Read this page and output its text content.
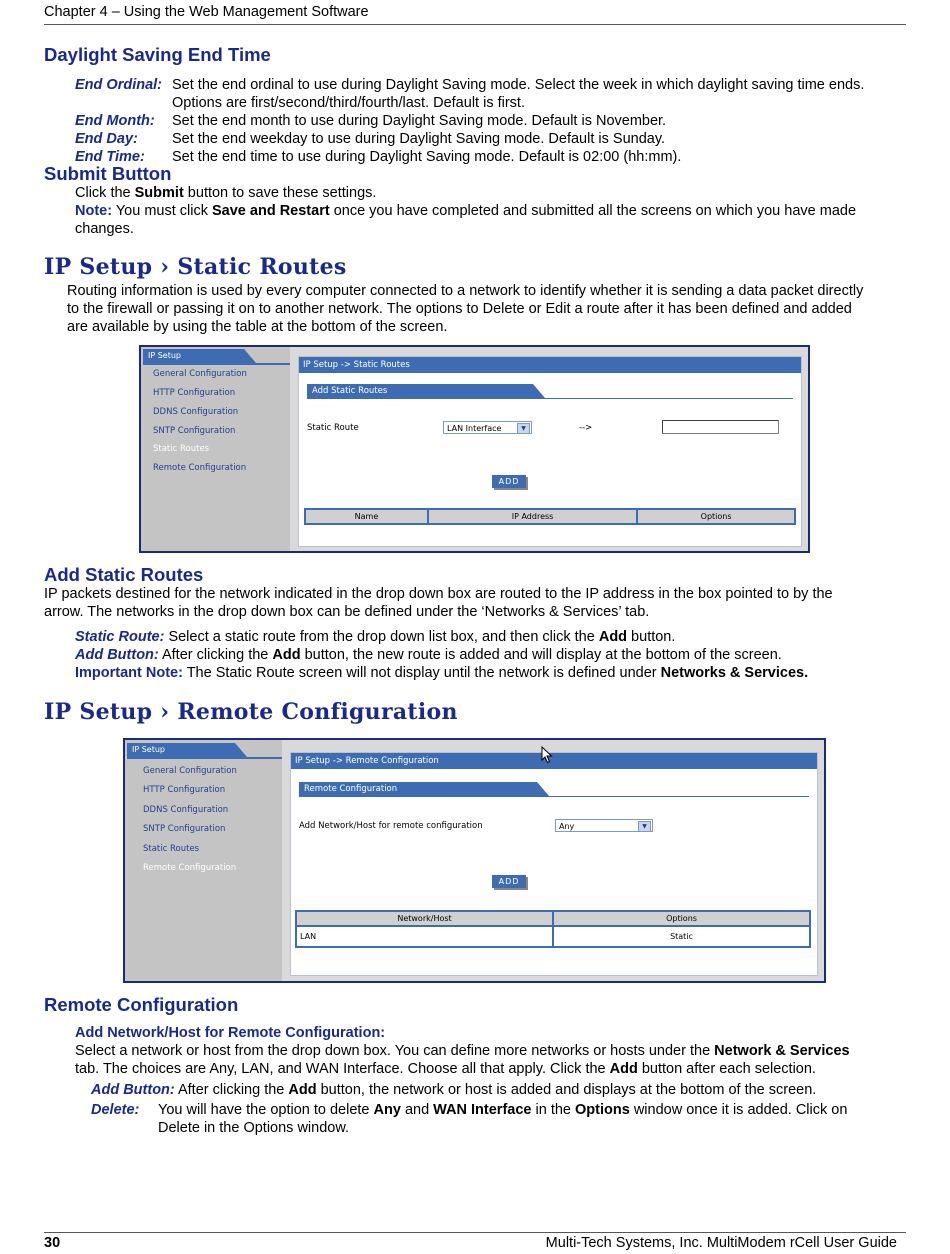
Chapter 4 – Using the Web Management Software
Daylight Saving End Time
End Ordinal: Set the end ordinal to use during Daylight Saving mode. Select the week in which daylight saving time ends.
Options are first/second/third/fourth/last. Default is first.
End Month:	Set the end month to use during Daylight Saving mode. Default is November.
End Day:	Set the end weekday to use during Daylight Saving mode. Default is Sunday.
End Time:	Set the end time to use during Daylight Saving mode. Default is 02:00 (hh:mm).
Submit Button
Click the Submit button to save these settings.
Note: You must click Save and Restart once you have completed and submitted all the screens on which you have made
changes.
IP Setup › Static Routes
Routing information is used by every computer connected to a network to identify whether it is sending a data packet directly
to the firewall or passing it on to another network. The options to Delete or Edit a route after it has been defined and added
are available by using the table at the bottom of the screen.
IP Setup
General Configuration
HTTP Configuration
DDNS Configuration
SNTP Configuration
Static Routes
Remote Configuration
IP Setup -> Static Routes
Add Static Routes
Static Route	LAN Interface	▼	-->
ADD
Name	IP Address	Options
Add Static Routes
IP packets destined for the network indicated in the drop down box are routed to the IP address in the box pointed to by the
arrow. The networks in the drop down box can be defined under the ‘Networks & Services’ tab.
Static Route: Select a static route from the drop down list box, and then click the Add button.
Add Button: After clicking the Add button, the new route is added and will display at the bottom of the screen.
Important Note: The Static Route screen will not display until the network is defined under Networks & Services.
IP Setup › Remote Configuration
IP Setup
General Configuration
HTTP Configuration
DDNS Configuration
SNTP Configuration
Static Routes
Remote Configuration
IP Setup -> Remote Configuration
Remote Configuration
Add Network/Host for remote configuration	Any	▼
ADD
Network/Host	Options
LAN	Static
Remote Configuration
Add Network/Host for Remote Configuration:
Select a network or host from the drop down box. You can define more networks or hosts under the Network & Services
tab. The choices are Any, LAN, and WAN Interface. Choose all that apply. Click the Add button after each selection.
Add Button: After clicking the Add button, the network or host is added and displays at the bottom of the screen.
Delete:	You will have the option to delete Any and WAN Interface in the Options window once it is added. Click on
Delete in the Options window.
30	Multi-Tech Systems, Inc. MultiModem rCell User Guide
